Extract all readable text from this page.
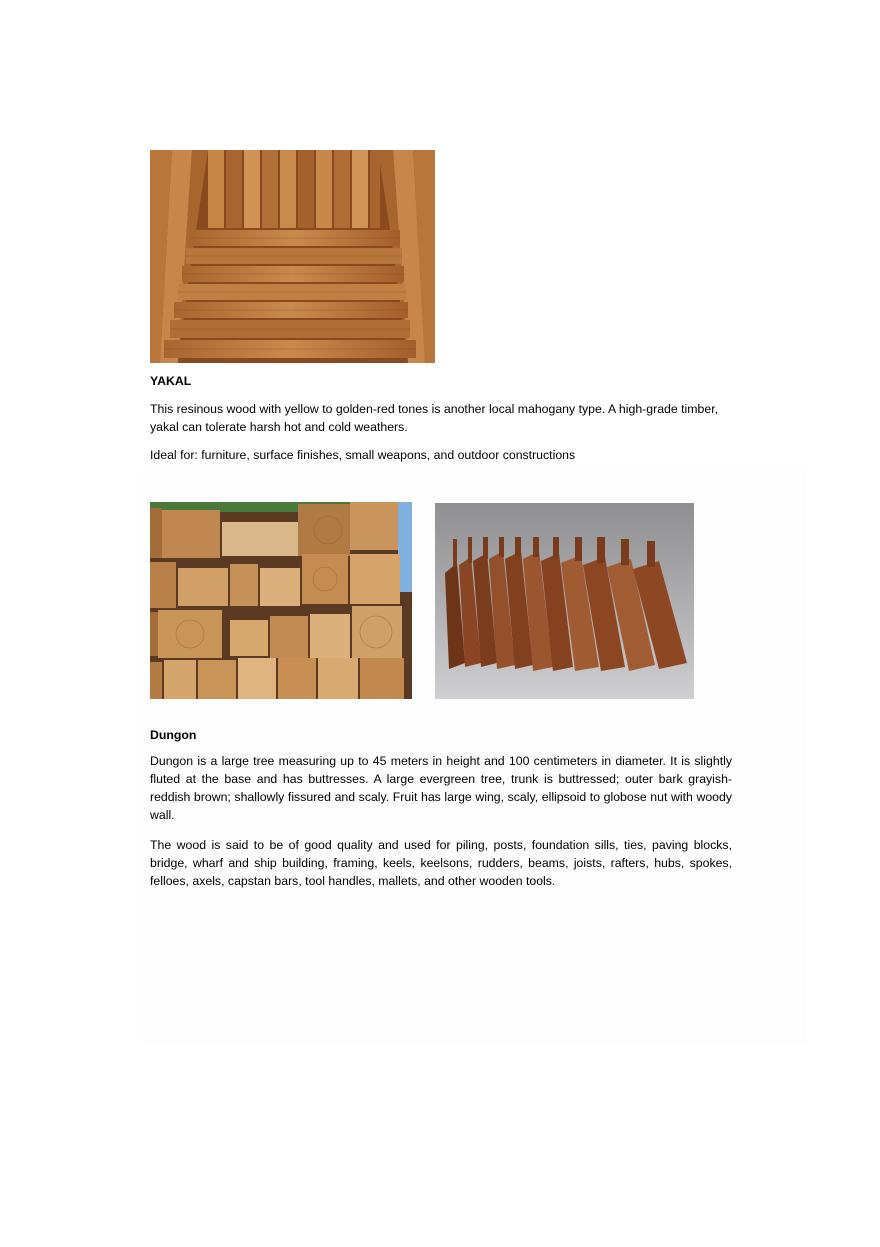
YAKAL
This resinous wood with yellow to golden-red tones is another local mahogany type. A high-grade timber, yakal can tolerate harsh hot and cold weathers.
Ideal for: furniture, surface finishes, small weapons, and outdoor constructions
Dungon
Dungon is a large tree measuring up to 45 meters in height and 100 centimeters in diameter. It is slightly fluted at the base and has buttresses. A large evergreen tree, trunk is buttressed; outer bark grayish-reddish brown; shallowly fissured and scaly. Fruit has large wing, scaly, ellipsoid to globose nut with woody wall.
The wood is said to be of good quality and used for piling, posts, foundation sills, ties, paving blocks, bridge, wharf and ship building, framing, keels, keelsons, rudders, beams, joists, rafters, hubs, spokes, felloes, axels, capstan bars, tool handles, mallets, and other wooden tools.
